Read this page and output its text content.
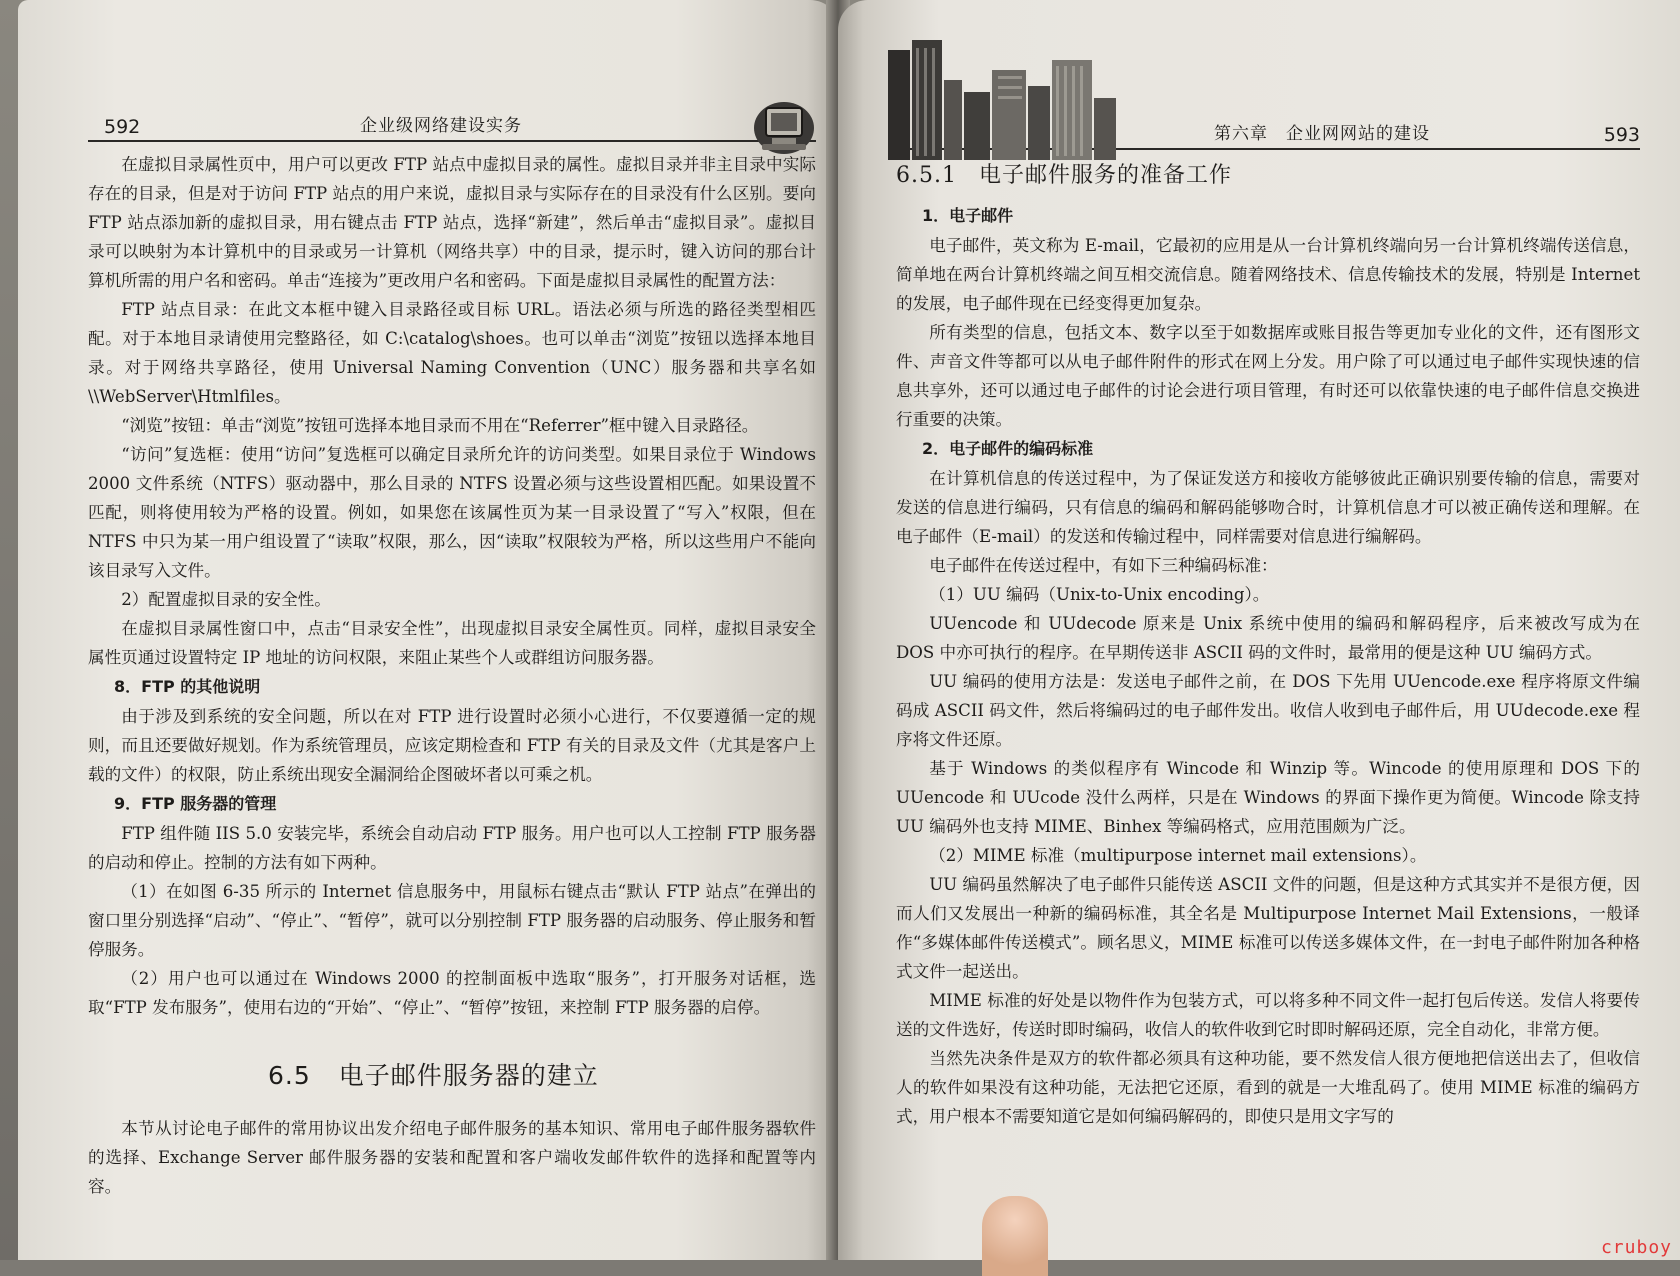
592	企业级网络建设实务

在虚拟目录属性页中，用户可以更改 FTP 站点中虚拟目录的属性。虚拟目录并非主目录中实际存在的目录，但是对于访问 FTP 站点的用户来说，虚拟目录与实际存在的目录没有什么区别。要向 FTP 站点添加新的虚拟目录，用右键点击 FTP 站点，选择“新建”，然后单击“虚拟目录”。虚拟目录可以映射为本计算机中的目录或另一计算机（网络共享）中的目录，提示时，键入访问的那台计算机所需的用户名和密码。单击“连接为”更改用户名和密码。下面是虚拟目录属性的配置方法：

FTP 站点目录：在此文本框中键入目录路径或目标 URL。语法必须与所选的路径类型相匹配。对于本地目录请使用完整路径，如 C:\catalog\shoes。也可以单击“浏览”按钮以选择本地目录。对于网络共享路径，使用 Universal Naming Convention（UNC）服务器和共享名如 \\WebServer\Htmlfiles。

“浏览”按钮：单击“浏览”按钮可选择本地目录而不用在“Referrer”框中键入目录路径。

“访问”复选框：使用“访问”复选框可以确定目录所允许的访问类型。如果目录位于 Windows 2000 文件系统（NTFS）驱动器中，那么目录的 NTFS 设置必须与这些设置相匹配。如果设置不匹配，则将使用较为严格的设置。例如，如果您在该属性页为某一目录设置了“写入”权限，但在 NTFS 中只为某一用户组设置了“读取”权限，那么，因“读取”权限较为严格，所以这些用户不能向该目录写入文件。

2）配置虚拟目录的安全性。

在虚拟目录属性窗口中，点击“目录安全性”，出现虚拟目录安全属性页。同样，虚拟目录安全属性页通过设置特定 IP 地址的访问权限，来阻止某些个人或群组访问服务器。

8．FTP 的其他说明

由于涉及到系统的安全问题，所以在对 FTP 进行设置时必须小心进行，不仅要遵循一定的规则，而且还要做好规划。作为系统管理员，应该定期检查和 FTP 有关的目录及文件（尤其是客户上载的文件）的权限，防止系统出现安全漏洞给企图破坏者以可乘之机。

9．FTP 服务器的管理

FTP 组件随 IIS 5.0 安装完毕，系统会自动启动 FTP 服务。用户也可以人工控制 FTP 服务器的启动和停止。控制的方法有如下两种。

（1）在如图 6-35 所示的 Internet 信息服务中，用鼠标右键点击“默认 FTP 站点”在弹出的窗口里分别选择“启动”、“停止”、“暂停”，就可以分别控制 FTP 服务器的启动服务、停止服务和暂停服务。

（2）用户也可以通过在 Windows 2000 的控制面板中选取“服务”，打开服务对话框，选取“FTP 发布服务”，使用右边的“开始”、“停止”、“暂停”按钮，来控制 FTP 服务器的启停。

6.5 电子邮件服务器的建立

本节从讨论电子邮件的常用协议出发介绍电子邮件服务的基本知识、常用电子邮件服务器软件的选择、Exchange Server 邮件服务器的安装和配置和客户端收发邮件软件的选择和配置等内容。

第六章　企业网网站的建设	593
6.5.1 电子邮件服务的准备工作

1．电子邮件

电子邮件，英文称为 E-mail，它最初的应用是从一台计算机终端向另一台计算机终端传送信息，简单地在两台计算机终端之间互相交流信息。随着网络技术、信息传输技术的发展，特别是 Internet 的发展，电子邮件现在已经变得更加复杂。

所有类型的信息，包括文本、数字以至于如数据库或账目报告等更加专业化的文件，还有图形文件、声音文件等都可以从电子邮件附件的形式在网上分发。用户除了可以通过电子邮件实现快速的信息共享外，还可以通过电子邮件的讨论会进行项目管理，有时还可以依靠快速的电子邮件信息交换进行重要的决策。

2．电子邮件的编码标准

在计算机信息的传送过程中，为了保证发送方和接收方能够彼此正确识别要传输的信息，需要对发送的信息进行编码，只有信息的编码和解码能够吻合时，计算机信息才可以被正确传送和理解。在电子邮件（E-mail）的发送和传输过程中，同样需要对信息进行编解码。

电子邮件在传送过程中，有如下三种编码标准：

（1）UU 编码（Unix-to-Unix encoding）。

UUencode 和 UUdecode 原来是 Unix 系统中使用的编码和解码程序，后来被改写成为在 DOS 中亦可执行的程序。在早期传送非 ASCII 码的文件时，最常用的便是这种 UU 编码方式。

UU 编码的使用方法是：发送电子邮件之前，在 DOS 下先用 UUencode.exe 程序将原文件编码成 ASCII 码文件，然后将编码过的电子邮件发出。收信人收到电子邮件后，用 UUdecode.exe 程序将文件还原。

基于 Windows 的类似程序有 Wincode 和 Winzip 等。Wincode 的使用原理和 DOS 下的 UUencode 和 UUcode 没什么两样，只是在 Windows 的界面下操作更为简便。Wincode 除支持 UU 编码外也支持 MIME、Binhex 等编码格式，应用范围颇为广泛。

（2）MIME 标准（multipurpose internet mail extensions）。

UU 编码虽然解决了电子邮件只能传送 ASCII 文件的问题，但是这种方式其实并不是很方便，因而人们又发展出一种新的编码标准，其全名是 Multipurpose Internet Mail Extensions，一般译作“多媒体邮件传送模式”。顾名思义，MIME 标准可以传送多媒体文件，在一封电子邮件附加各种格式文件一起送出。

MIME 标准的好处是以物件作为包装方式，可以将多种不同文件一起打包后传送。发信人将要传送的文件选好，传送时即时编码，收信人的软件收到它时即时解码还原，完全自动化，非常方便。

当然先决条件是双方的软件都必须具有这种功能，要不然发信人很方便地把信送出去了，但收信人的软件如果没有这种功能，无法把它还原，看到的就是一大堆乱码了。使用 MIME 标准的编码方式，用户根本不需要知道它是如何编码解码的，即使只是用文字写的

cruboy
